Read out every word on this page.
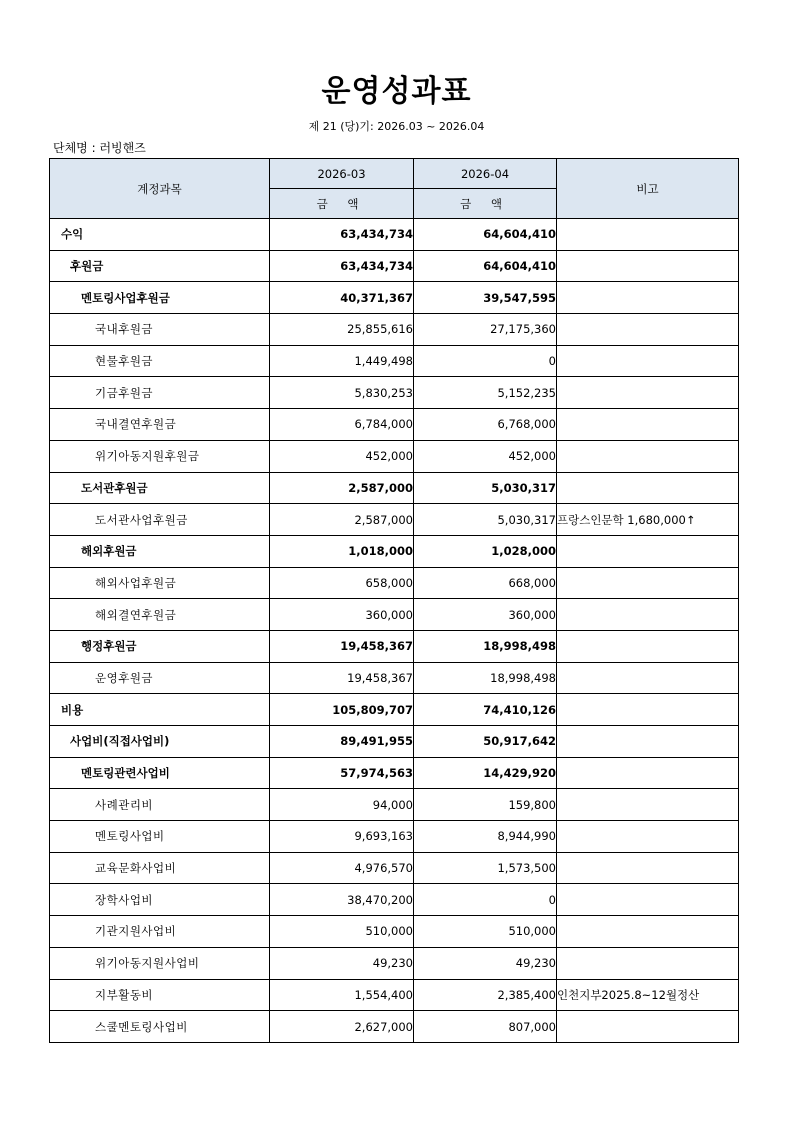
운영성과표
제 21 (당)기: 2026.03 ~ 2026.04
단체명 : 러빙핸즈
계정과목	2026-03	2026-04	비고
	금 액	금 액	
수익	63,434,734	64,604,410	
후원금	63,434,734	64,604,410	
멘토링사업후원금	40,371,367	39,547,595	
국내후원금	25,855,616	27,175,360	
현물후원금	1,449,498	0	
기금후원금	5,830,253	5,152,235	
국내결연후원금	6,784,000	6,768,000	
위기아동지원후원금	452,000	452,000	
도서관후원금	2,587,000	5,030,317	
도서관사업후원금	2,587,000	5,030,317	프랑스인문학 1,680,000↑
해외후원금	1,018,000	1,028,000	
해외사업후원금	658,000	668,000	
해외결연후원금	360,000	360,000	
행정후원금	19,458,367	18,998,498	
운영후원금	19,458,367	18,998,498	
비용	105,809,707	74,410,126	
사업비(직접사업비)	89,491,955	50,917,642	
멘토링관련사업비	57,974,563	14,429,920	
사례관리비	94,000	159,800	
멘토링사업비	9,693,163	8,944,990	
교육문화사업비	4,976,570	1,573,500	
장학사업비	38,470,200	0	
기관지원사업비	510,000	510,000	
위기아동지원사업비	49,230	49,230	
지부활동비	1,554,400	2,385,400	인천지부2025.8~12월정산
스쿨멘토링사업비	2,627,000	807,000	
